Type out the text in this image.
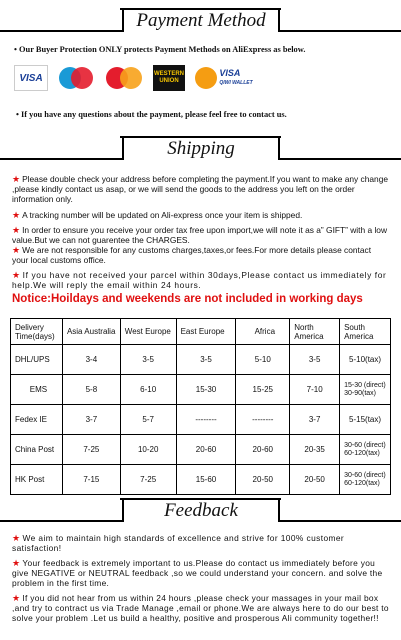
Payment Method
• Our Buyer Protection ONLY protects Payment Methods on AliExpress as below.
VISA	WESTERN UNION
VISA
QIWI WALLET
• If you have any questions about the payment, please feel free to contact us.
Shipping
★ Please double check your address before completing the payment.If you want to make any change ,please kindly contact us asap, or we will send the goods to the address you left on the order information only.
★ A tracking number will be updated on Ali-express once your item is shipped.
★ In order to ensure you receive your order tax free upon import,we will note it as a” GIFT” with a low value.But we can not guarentee the CHARGES.
★ We are not responsible for any customs charges,taxes,or fees.For more details please contact your local customs office.
★ If you have not received your parcel within 30days,Please contact us immediately for help.We will reply the email within 24 hours.
Notice:Hoildays and weekends are not included in working days
Delivery Time(days)	Asia Australia	West Europe	East Europe	Africa	North America	South America
DHL/UPS	3-4	3-5	3-5	5-10	3-5	5-10(tax)
EMS	5-8	6-10	15-30	15-25	7-10	15-30 (direct) 30-90(tax)
Fedex IE	3-7	5-7	--------	--------	3-7	5-15(tax)
China Post	7-25	10-20	20-60	20-60	20-35	30-60 (direct) 60-120(tax)
HK Post	7-15	7-25	15-60	20-50	20-50	30-60 (direct) 60-120(tax)
Feedback
★ We aim to maintain high standards of excellence and strive for 100% customer satisfaction!
★ Your feedback is extremely important to us.Please do contact us immediately before you give NEGATIVE or NEUTRAL feedback ,so we could understand your concern. and solve the problem in the first time.
★ If you did not hear from us within 24 hours ,please check your massages in your mail box ,and try to contract us via Trade Manage ,email or phone.We are always here to do our best to solve your problem .Let us build a healthy, positive and prosperous Ali community together!!
